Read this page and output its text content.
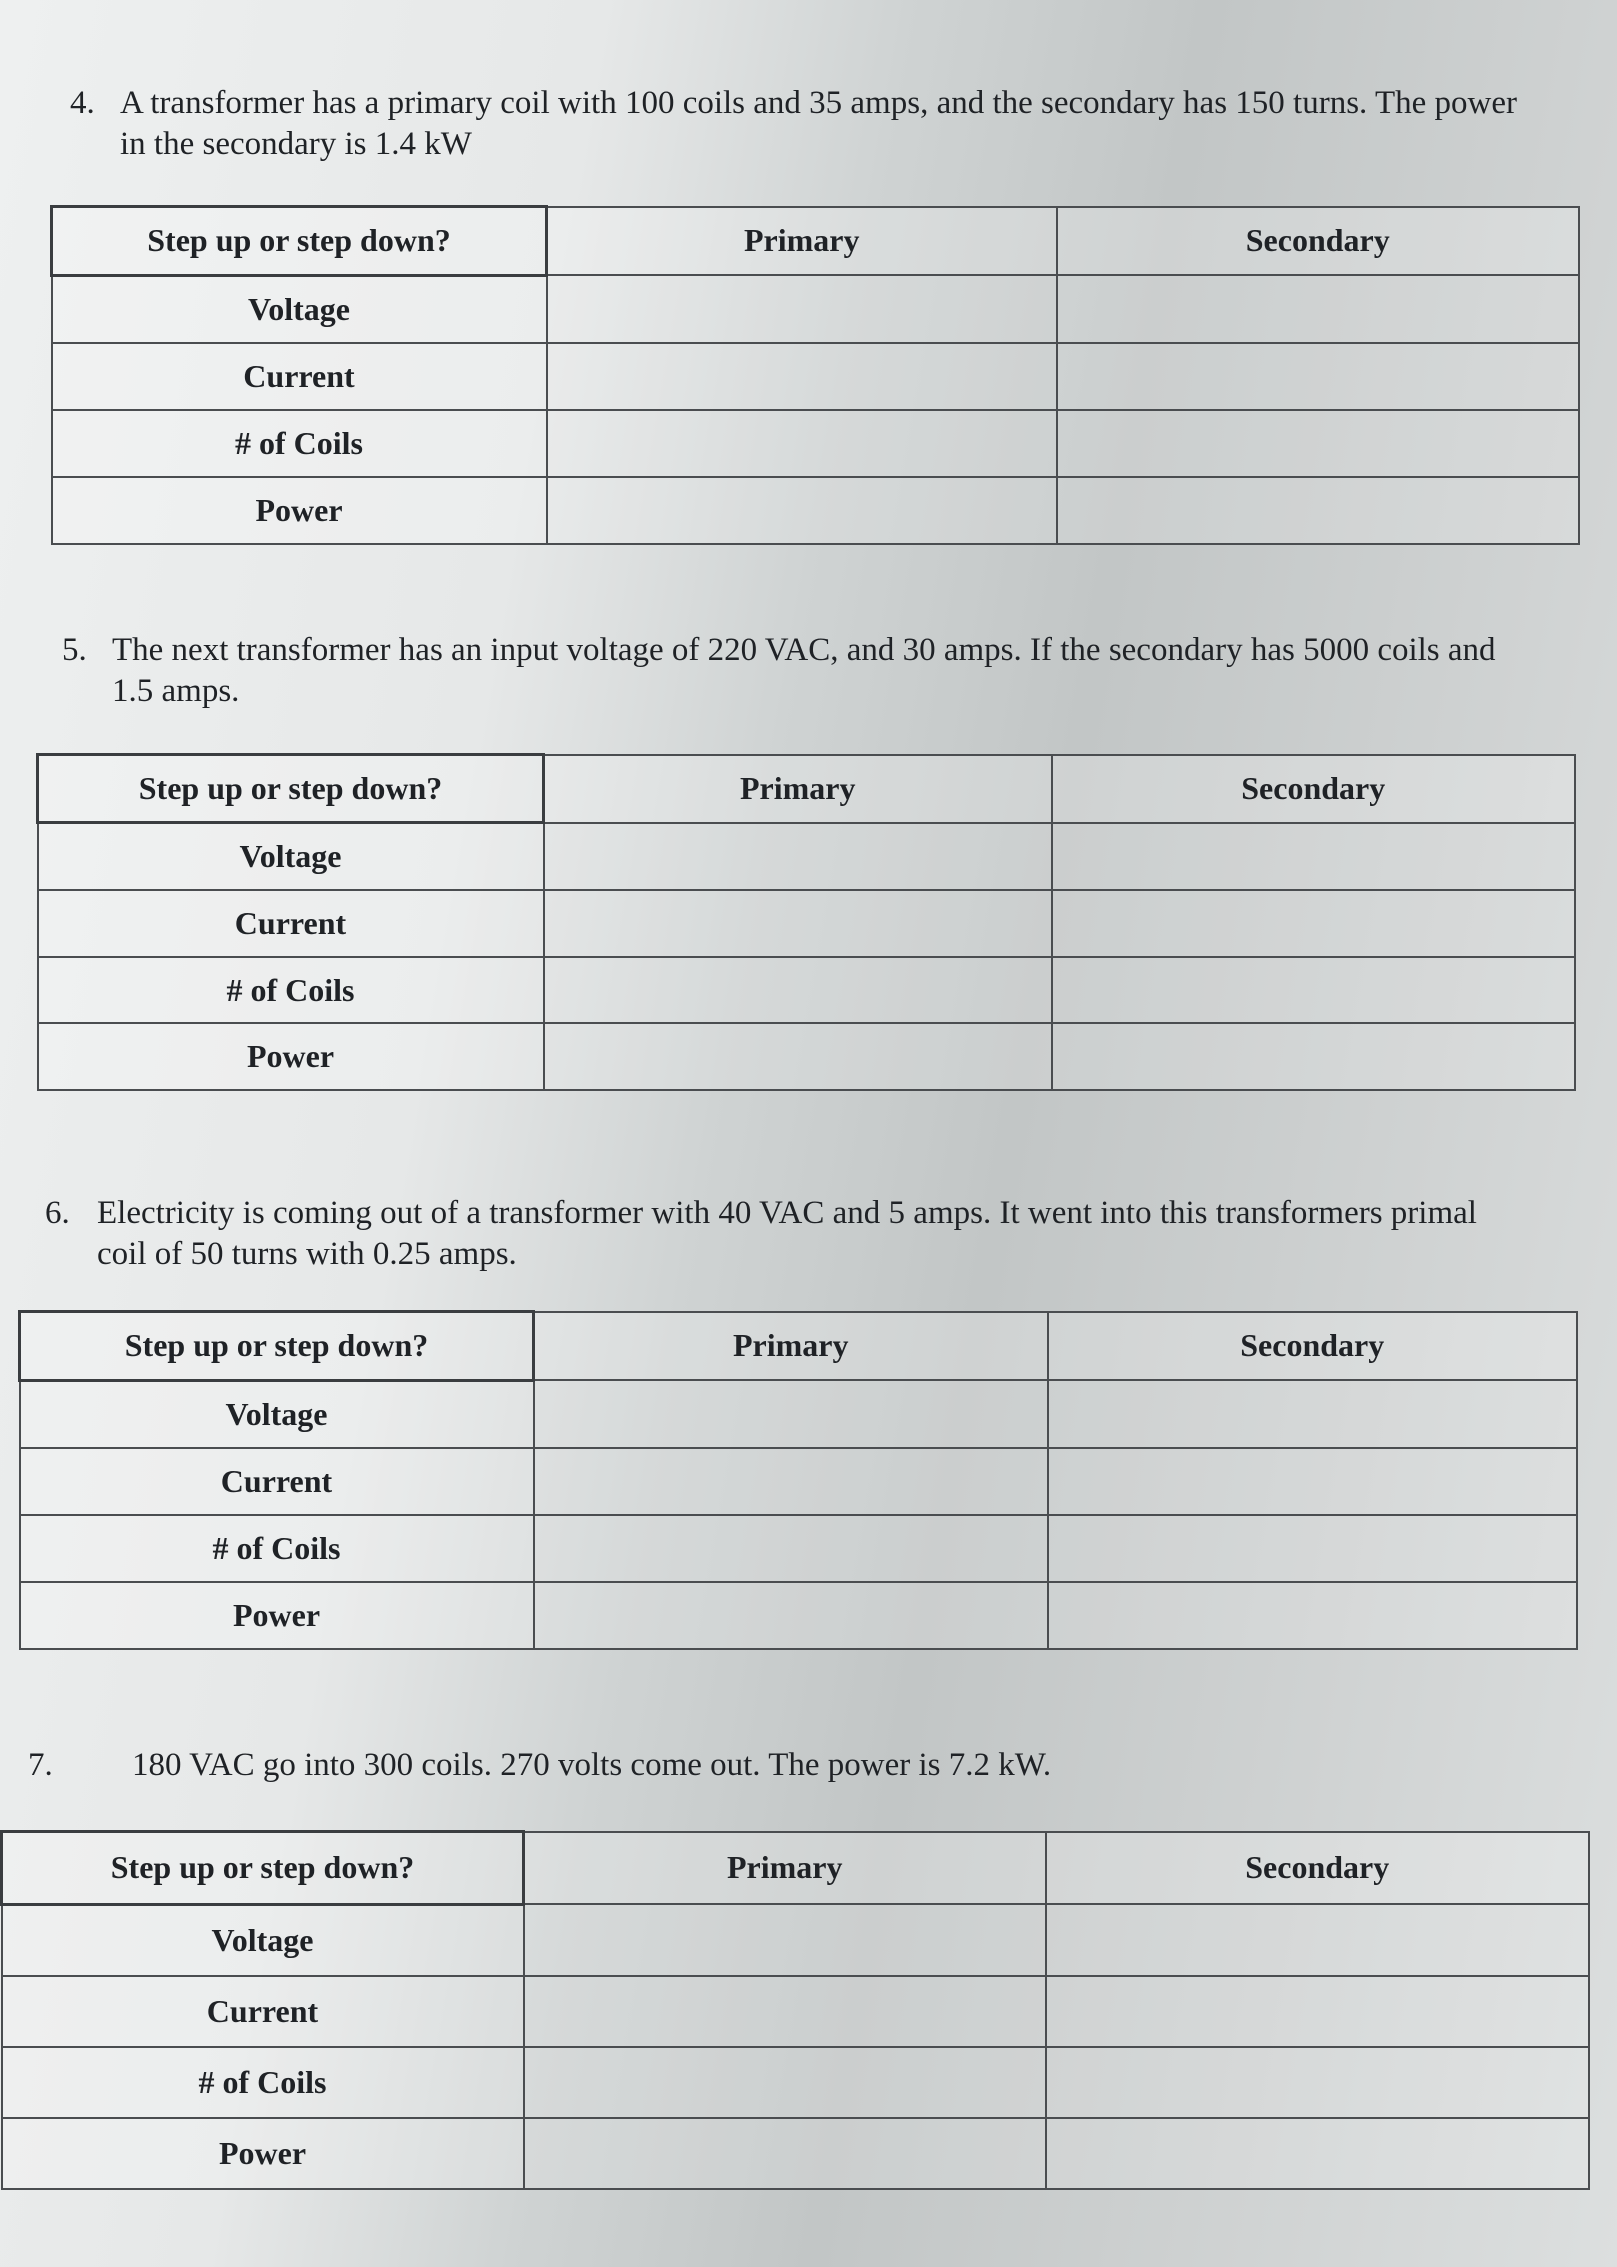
4. A transformer has a primary coil with 100 coils and 35 amps, and the secondary has 150 turns. The power in the secondary is 1.4 kW
Step up or step down?	Primary	Secondary
Voltage		
Current		
# of Coils		
Power		
5. The next transformer has an input voltage of 220 VAC, and 30 amps. If the secondary has 5000 coils and 1.5 amps.
Step up or step down?	Primary	Secondary
Voltage		
Current		
# of Coils		
Power		
6. Electricity is coming out of a transformer with 40 VAC and 5 amps. It went into this transformers primal coil of 50 turns with 0.25 amps.
Step up or step down?	Primary	Secondary
Voltage		
Current		
# of Coils		
Power		
7. 180 VAC go into 300 coils. 270 volts come out. The power is 7.2 kW.
Step up or step down?	Primary	Secondary
Voltage		
Current		
# of Coils		
Power		
